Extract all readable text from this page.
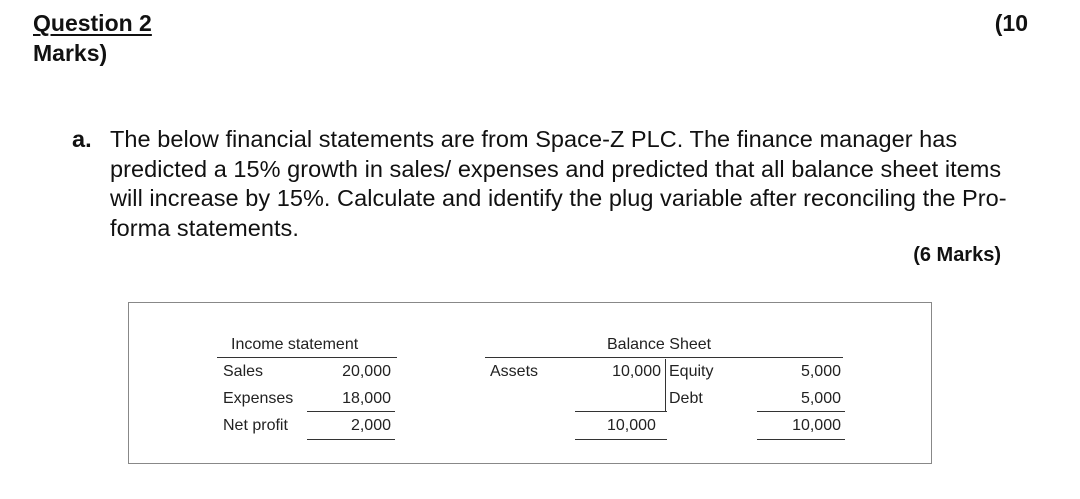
Question 2	(10
Marks)
a. The below financial statements are from Space-Z PLC. The finance manager has predicted a 15% growth in sales/ expenses and predicted that all balance sheet items will increase by 15%. Calculate and identify the plug variable after reconciling the Pro-forma statements.
(6 Marks)
Income statement
Sales	20,000
Expenses	18,000
Net profit	2,000
Balance Sheet
Assets	10,000 Equity	5,000
Debt	5,000
10,000	10,000
